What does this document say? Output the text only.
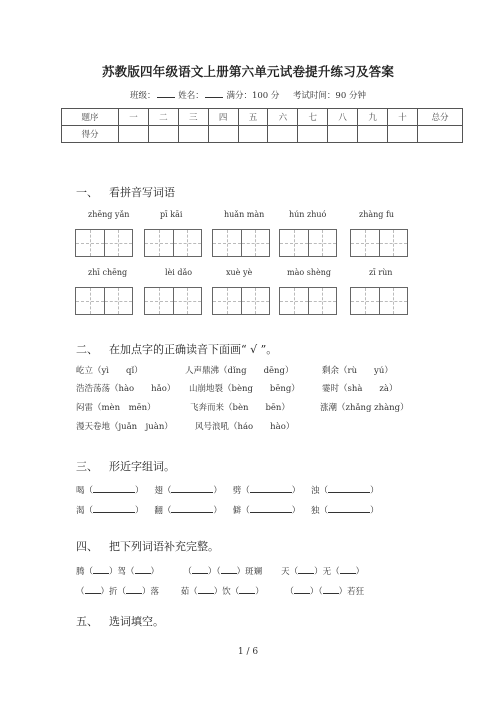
苏教版四年级语文上册第六单元试卷提升练习及答案
班级：	姓名：	满分：100 分 考试时间：90 分钟
题序	一	二	三	四	五	六	七	八	九	十	总分
得分											
一、 看拼音写词语
zhēng yǎn	pī kāi	huǎn màn	hún zhuó	zhàng fu
zhī chēng	lèi dǎo	xuè yè	mào shèng	zī rùn
二、 在加点字的正确读音下面画“ √ ”。
屹立（yì　　qǐ）	人声鼎沸（dǐng　　dēng）	剩余（rù　　yú）
浩浩荡荡（hào　　hǎo） 山崩地裂（bèng　　bēng）	霎时（shà　　zà）
闷雷（mèn　mēn）	飞奔而来（bèn　　bēn）	涨潮（zhǎng zhàng）
漫天卷地（juǎn　juàn）	风号浪吼（háo　　hào）
三、 形近字组词。
喝（	）    翅（	）    劈（	）    浊（	）
渴（	）    翻（	）    僻（	）    独（	）
四、 把下列词语补充完整。
腾（ ）驾（ ）	（ ）（ ）斑斓 天（ ）无（ ）
（ ）折（ ）落	茹（ ）饮（ ）	（ ）（ ）若狂
五、 选词填空。
1 / 6
